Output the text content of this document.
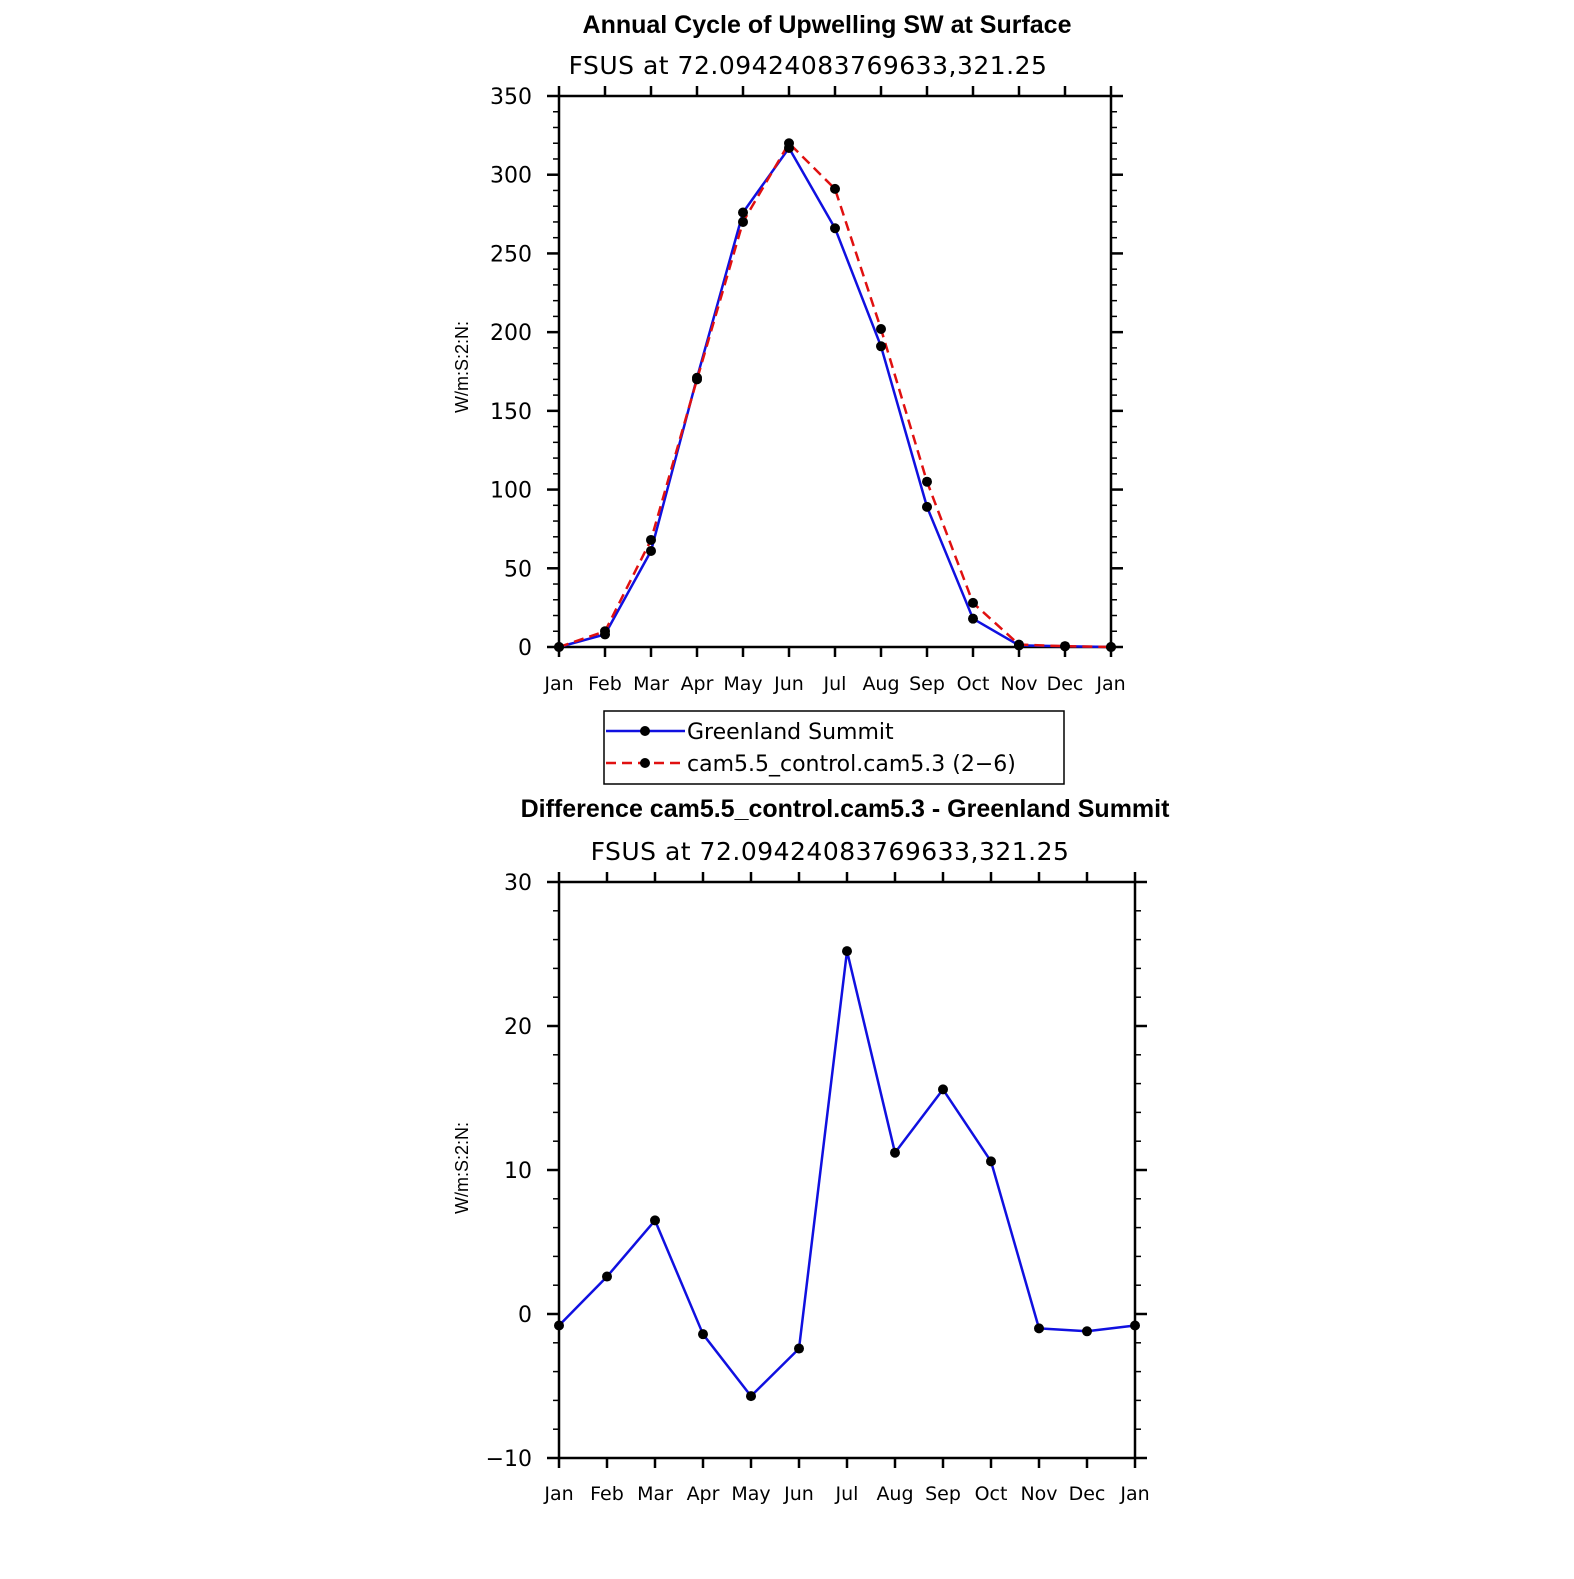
Annual Cycle of Upwelling SW at Surface
FSUS at 72.09424083769633,321.25
W/m:S:2:N:
Jan Feb Mar Apr May Jun Jul Aug Sep Oct Nov Dec Jan
0
50
100
150
200
250
300
350
Greenland Summit
cam5.5_control.cam5.3 (2−6)
Difference cam5.5_control.cam5.3 - Greenland Summit
FSUS at 72.09424083769633,321.25
W/m:S:2:N:
Jan Feb Mar Apr May Jun Jul Aug Sep Oct Nov Dec Jan
−10
0
10
20
30
